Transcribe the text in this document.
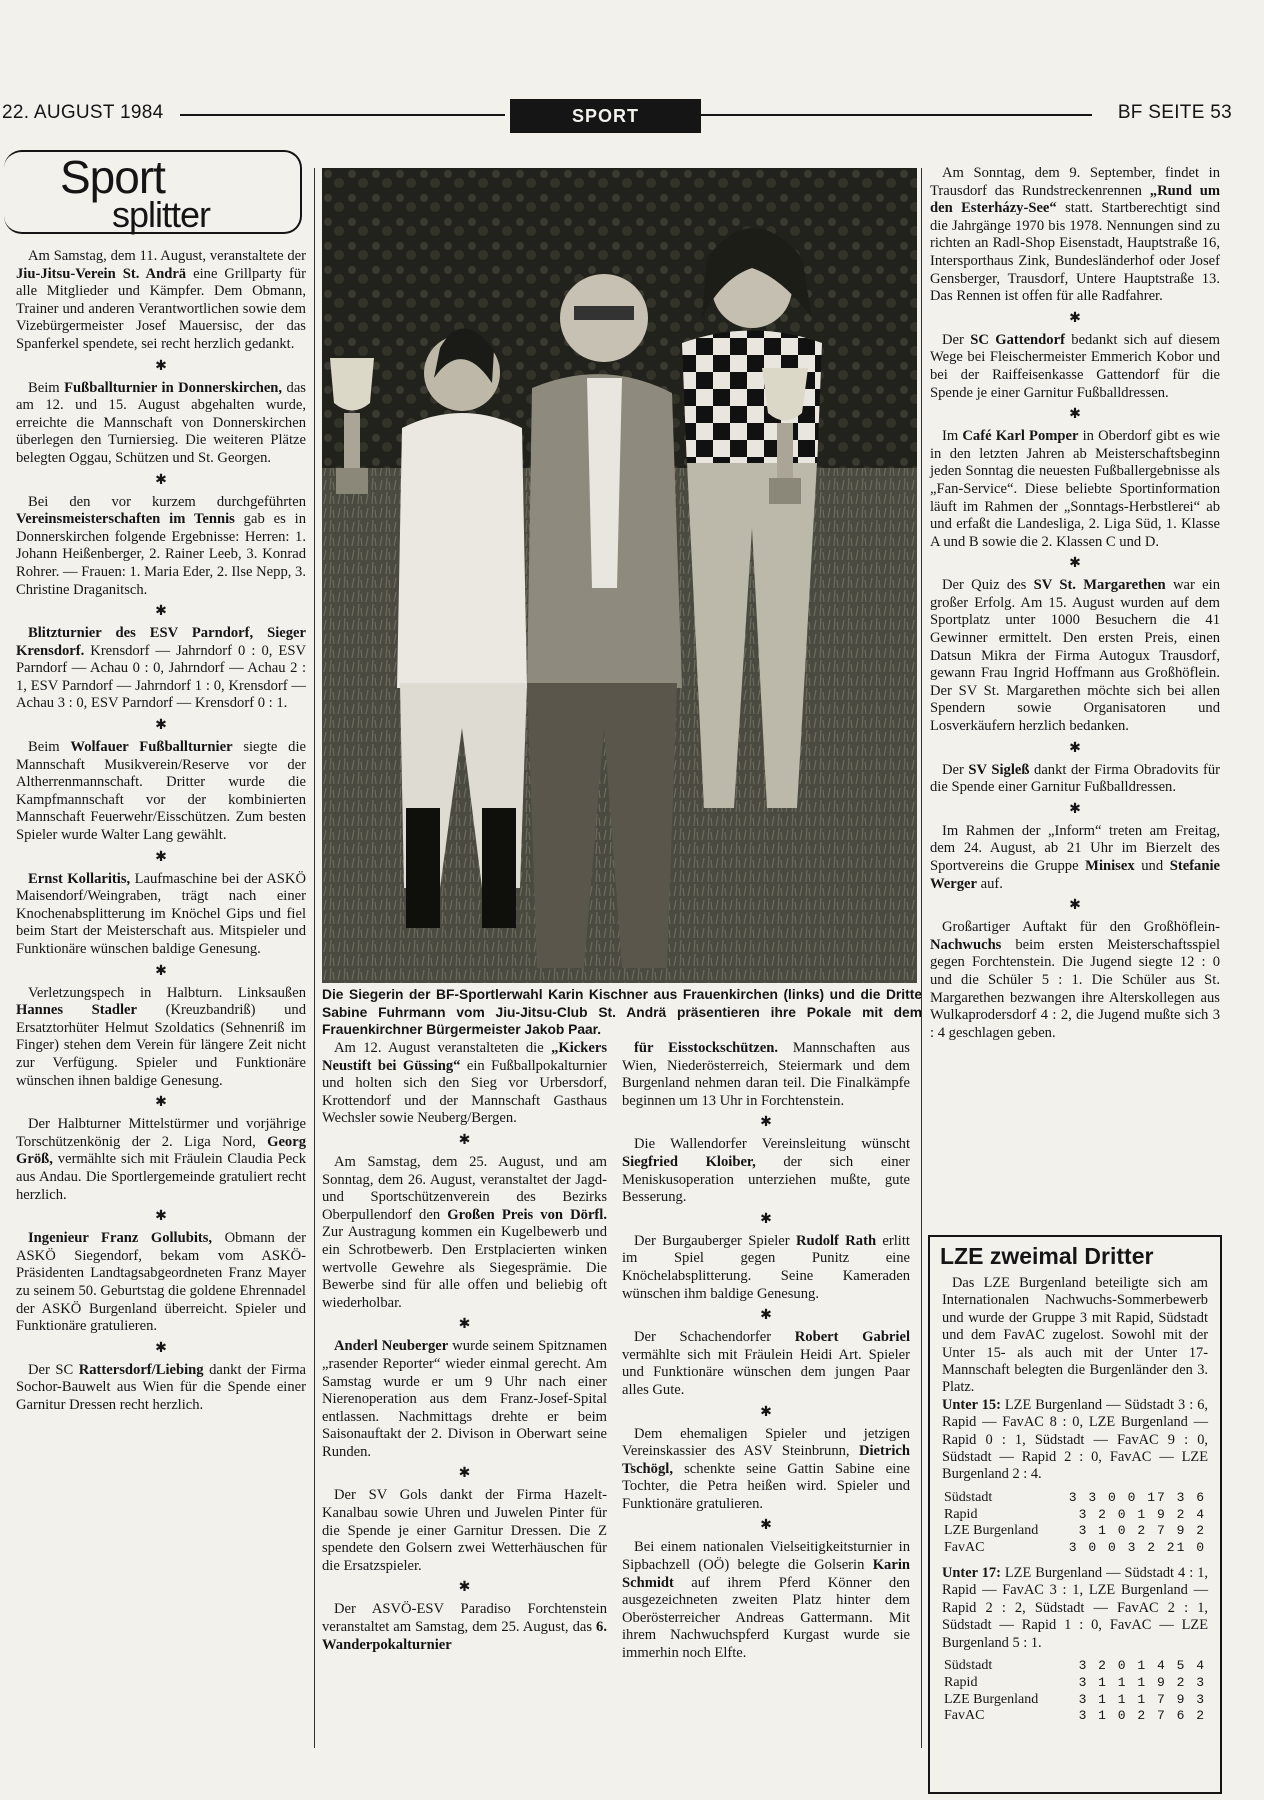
22. AUGUST 1984	SPORT	BF SEITE 53
Sport
splitter

Am Samstag, dem 11. August, veranstaltete der Jiu-Jitsu-Verein St. Andrä eine Grillparty für alle Mitglieder und Kämpfer. Dem Obmann, Trainer und anderen Verantwortlichen sowie dem Vizebürgermeister Josef Mauersisc, der das Spanferkel spendete, sei recht herzlich gedankt.

✱

Beim Fußballturnier in Donnerskirchen, das am 12. und 15. August abgehalten wurde, erreichte die Mannschaft von Donnerskirchen überlegen den Turniersieg. Die weiteren Plätze belegten Oggau, Schützen und St. Georgen.

✱

Bei den vor kurzem durchgeführten Vereinsmeisterschaften im Tennis gab es in Donnerskirchen folgende Ergebnisse: Herren: 1. Johann Heißenberger, 2. Rainer Leeb, 3. Konrad Rohrer. — Frauen: 1. Maria Eder, 2. Ilse Nepp, 3. Christine Draganitsch.

✱

Blitzturnier des ESV Parndorf, Sieger Krensdorf. Krensdorf — Jahrndorf 0 : 0, ESV Parndorf — Achau 0 : 0, Jahrndorf — Achau 2 : 1, ESV Parndorf — Jahrndorf 1 : 0, Krensdorf — Achau 3 : 0, ESV Parndorf — Krensdorf 0 : 1.

✱

Beim Wolfauer Fußballturnier siegte die Mannschaft Musikverein/Reserve vor der Altherrenmannschaft. Dritter wurde die Kampfmannschaft vor der kombinierten Mannschaft Feuerwehr/Eisschützen. Zum besten Spieler wurde Walter Lang gewählt.

✱

Ernst Kollaritis, Laufmaschine bei der ASKÖ Maisendorf/Weingraben, trägt nach einer Knochenabsplitterung im Knöchel Gips und fiel beim Start der Meisterschaft aus. Mitspieler und Funktionäre wünschen baldige Genesung.

✱

Verletzungspech in Halbturn. Linksaußen Hannes Stadler (Kreuzbandriß) und Ersatztorhüter Helmut Szoldatics (Sehnenriß im Finger) stehen dem Verein für längere Zeit nicht zur Verfügung. Spieler und Funktionäre wünschen ihnen baldige Genesung.

✱

Der Halbturner Mittelstürmer und vorjährige Torschützenkönig der 2. Liga Nord, Georg Größ, vermählte sich mit Fräulein Claudia Peck aus Andau. Die Sportlergemeinde gratuliert recht herzlich.

✱

Ingenieur Franz Gollubits, Obmann der ASKÖ Siegendorf, bekam vom ASKÖ-Präsidenten Landtagsabgeordneten Franz Mayer zu seinem 50. Geburtstag die goldene Ehrennadel der ASKÖ Burgenland überreicht. Spieler und Funktionäre gratulieren.

✱

Der SC Rattersdorf/Liebing dankt der Firma Sochor-Bauwelt aus Wien für die Spende einer Garnitur Dressen recht herzlich.

Die Siegerin der BF-Sportlerwahl Karin Kischner aus Frauenkirchen (links) und die Dritte Sabine Fuhrmann vom Jiu-Jitsu-Club St. Andrä präsentieren ihre Pokale mit dem Frauenkirchner Bürgermeister Jakob Paar.

Am 12. August veranstalteten die „Kickers Neustift bei Güssing“ ein Fußballpokalturnier und holten sich den Sieg vor Urbersdorf, Krottendorf und der Mannschaft Gasthaus Wechsler sowie Neuberg/Bergen.

✱

Am Samstag, dem 25. August, und am Sonntag, dem 26. August, veranstaltet der Jagd- und Sportschützenverein des Bezirks Oberpullendorf den Großen Preis von Dörfl. Zur Austragung kommen ein Kugelbewerb und ein Schrotbewerb. Den Erstplacierten winken wertvolle Gewehre als Siegesprämie. Die Bewerbe sind für alle offen und beliebig oft wiederholbar.

✱

Anderl Neuberger wurde seinem Spitznamen „rasender Reporter“ wieder einmal gerecht. Am Samstag wurde er um 9 Uhr nach einer Nierenoperation aus dem Franz-Josef-Spital entlassen. Nachmittags drehte er beim Saisonauftakt der 2. Divison in Oberwart seine Runden.

✱

Der SV Gols dankt der Firma Hazelt-Kanalbau sowie Uhren und Juwelen Pinter für die Spende je einer Garnitur Dressen. Die Z spendete den Golsern zwei Wetterhäuschen für die Ersatzspieler.

✱

Der ASVÖ-ESV Paradiso Forchtenstein veranstaltet am Samstag, dem 25. August, das 6. Wanderpokalturnier

für Eisstockschützen. Mannschaften aus Wien, Niederösterreich, Steiermark und dem Burgenland nehmen daran teil. Die Finalkämpfe beginnen um 13 Uhr in Forchtenstein.

✱

Die Wallendorfer Vereinsleitung wünscht Siegfried Kloiber, der sich einer Meniskusoperation unterziehen mußte, gute Besserung.

✱

Der Burgauberger Spieler Rudolf Rath erlitt im Spiel gegen Punitz eine Knöchelabsplitterung. Seine Kameraden wünschen ihm baldige Genesung.

✱

Der Schachendorfer Robert Gabriel vermählte sich mit Fräulein Heidi Art. Spieler und Funktionäre wünschen dem jungen Paar alles Gute.

✱

Dem ehemaligen Spieler und jetzigen Vereinskassier des ASV Steinbrunn, Dietrich Tschögl, schenkte seine Gattin Sabine eine Tochter, die Petra heißen wird. Spieler und Funktionäre gratulieren.

✱

Bei einem nationalen Vielseitigkeitsturnier in Sipbachzell (OÖ) belegte die Golserin Karin Schmidt auf ihrem Pferd Könner den ausgezeichneten zweiten Platz hinter dem Oberösterreicher Andreas Gattermann. Mit ihrem Nachwuchspferd Kurgast wurde sie immerhin noch Elfte.

Am Sonntag, dem 9. September, findet in Trausdorf das Rundstreckenrennen „Rund um den Esterházy-See“ statt. Startberechtigt sind die Jahrgänge 1970 bis 1978. Nennungen sind zu richten an Radl-Shop Eisenstadt, Hauptstraße 16, Intersporthaus Zink, Bundesländerhof oder Josef Gensberger, Trausdorf, Untere Hauptstraße 13. Das Rennen ist offen für alle Radfahrer.

✱

Der SC Gattendorf bedankt sich auf diesem Wege bei Fleischermeister Emmerich Kobor und bei der Raiffeisenkasse Gattendorf für die Spende je einer Garnitur Fußballdressen.

✱

Im Café Karl Pomper in Oberdorf gibt es wie in den letzten Jahren ab Meisterschaftsbeginn jeden Sonntag die neuesten Fußballergebnisse als „Fan-Service“. Diese beliebte Sportinformation läuft im Rahmen der „Sonntags-Herbstlerei“ ab und erfaßt die Landesliga, 2. Liga Süd, 1. Klasse A und B sowie die 2. Klassen C und D.

✱

Der Quiz des SV St. Margarethen war ein großer Erfolg. Am 15. August wurden auf dem Sportplatz unter 1000 Besuchern die 41 Gewinner ermittelt. Den ersten Preis, einen Datsun Mikra der Firma Autogux Trausdorf, gewann Frau Ingrid Hoffmann aus Großhöflein. Der SV St. Margarethen möchte sich bei allen Spendern sowie Organisatoren und Losverkäufern herzlich bedanken.

✱

Der SV Sigleß dankt der Firma Obradovits für die Spende einer Garnitur Fußballdressen.

✱

Im Rahmen der „Inform“ treten am Freitag, dem 24. August, ab 21 Uhr im Bierzelt des Sportvereins die Gruppe Minisex und Stefanie Werger auf.

✱

Großartiger Auftakt für den Großhöflein-Nachwuchs beim ersten Meisterschaftsspiel gegen Forchtenstein. Die Jugend siegte 12 : 0 und die Schüler 5 : 1. Die Schüler aus St. Margarethen bezwangen ihre Alterskollegen aus Wulkaprodersdorf 4 : 2, die Jugend mußte sich 3 : 4 geschlagen geben.

LZE zweimal Dritter

Das LZE Burgenland beteiligte sich am Internationalen Nachwuchs-Sommerbewerb und wurde der Gruppe 3 mit Rapid, Südstadt und dem FavAC zugelost. Sowohl mit der Unter 15- als auch mit der Unter 17-Mannschaft belegten die Burgenländer den 3. Platz.

Unter 15: LZE Burgenland — Südstadt 3 : 6, Rapid — FavAC 8 : 0, LZE Burgenland — Rapid 0 : 1, Südstadt — FavAC 9 : 0, Südstadt — Rapid 2 : 0, FavAC — LZE Burgenland 2 : 4.

Südstadt	3 3 0 0 17 3 6
Rapid	3 2 0 1 9 2 4
LZE Burgenland	3 1 0 2 7 9 2
FavAC	3 0 0 3 2 21 0

Unter 17: LZE Burgenland — Südstadt 4 : 1, Rapid — FavAC 3 : 1, LZE Burgenland — Rapid 2 : 2, Südstadt — FavAC 2 : 1, Südstadt — Rapid 1 : 0, FavAC — LZE Burgenland 5 : 1.

Südstadt	3 2 0 1 4 5 4
Rapid	3 1 1 1 9 2 3
LZE Burgenland	3 1 1 1 7 9 3
FavAC	3 1 0 2 7 6 2
